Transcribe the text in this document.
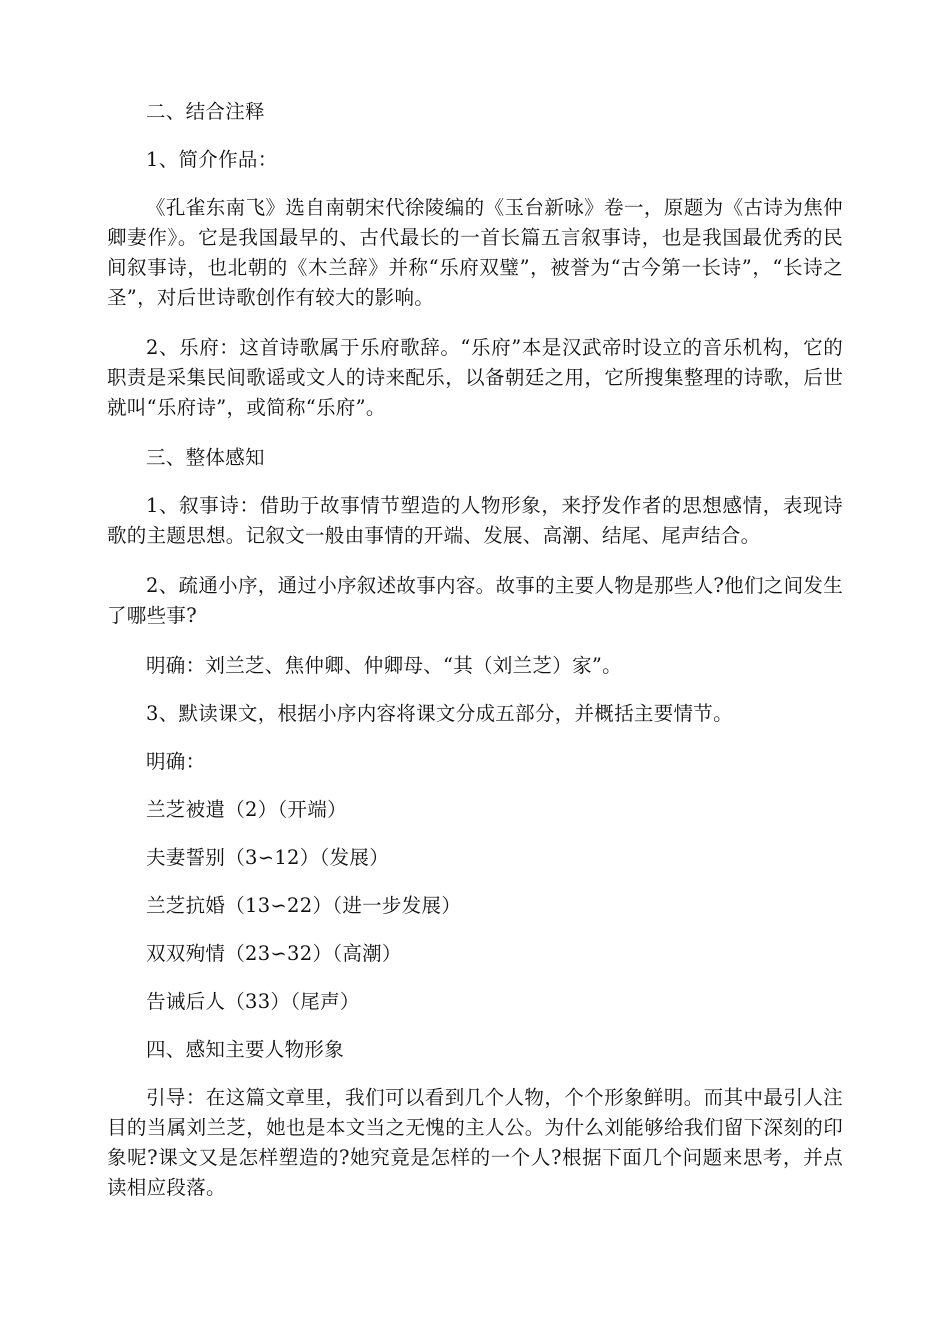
二、结合注释

1、简介作品：

《孔雀东南飞》选自南朝宋代徐陵编的《玉台新咏》卷一，原题为《古诗为焦仲卿妻作》。它是我国最早的、古代最长的一首长篇五言叙事诗，也是我国最优秀的民间叙事诗，也北朝的《木兰辞》并称“乐府双璧”，被誉为“古今第一长诗”，“长诗之圣”，对后世诗歌创作有较大的影响。

2、乐府：这首诗歌属于乐府歌辞。“乐府”本是汉武帝时设立的音乐机构，它的职责是采集民间歌谣或文人的诗来配乐，以备朝廷之用，它所搜集整理的诗歌，后世就叫“乐府诗”，或简称“乐府”。

三、整体感知

1、叙事诗：借助于故事情节塑造的人物形象，来抒发作者的思想感情，表现诗歌的主题思想。记叙文一般由事情的开端、发展、高潮、结尾、尾声结合。

2、疏通小序，通过小序叙述故事内容。故事的主要人物是那些人?他们之间发生了哪些事?

明确：刘兰芝、焦仲卿、仲卿母、“其（刘兰芝）家”。

3、默读课文，根据小序内容将课文分成五部分，并概括主要情节。

明确：

兰芝被遣（2）（开端）

夫妻誓别（3∽12）（发展）

兰芝抗婚（13∽22）（进一步发展）

双双殉情（23∽32）（高潮）

告诫后人（33）（尾声）

四、感知主要人物形象

引导：在这篇文章里，我们可以看到几个人物，个个形象鲜明。而其中最引人注目的当属刘兰芝，她也是本文当之无愧的主人公。为什么刘能够给我们留下深刻的印象呢?课文又是怎样塑造的?她究竟是怎样的一个人?根据下面几个问题来思考，并点读相应段落。
